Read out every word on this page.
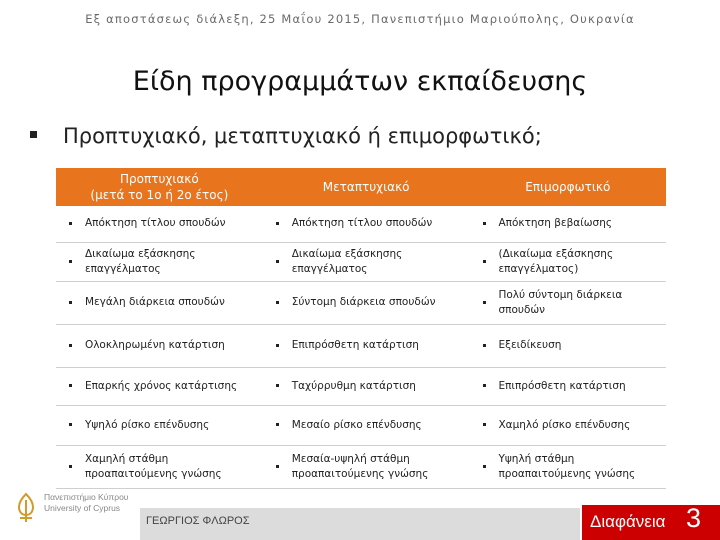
Εξ αποστάσεως διάλεξη, 25 Μαΐου 2015, Πανεπιστήμιο Μαριούπολης, Ουκρανία
Είδη προγραμμάτων εκπαίδευσης
Προπτυχιακό, μεταπτυχιακό ή επιμορφωτικό;
Προπτυχιακό
(μετά το 1ο ή 2ο έτος)		Μεταπτυχιακό		Επιμορφωτικό	
	Απόκτηση τίτλου σπουδών		Απόκτηση τίτλου σπουδών		Απόκτηση βεβαίωσης
	Δικαίωμα εξάσκησης επαγγέλματος		Δικαίωμα εξάσκησης επαγγέλματος		(Δικαίωμα εξάσκησης επαγγέλματος)
	Μεγάλη διάρκεια σπουδών		Σύντομη διάρκεια σπουδών		Πολύ σύντομη διάρκεια σπουδών
	Ολοκληρωμένη κατάρτιση		Επιπρόσθετη κατάρτιση		Εξειδίκευση
	Επαρκής χρόνος κατάρτισης		Ταχύρρυθμη κατάρτιση		Επιπρόσθετη κατάρτιση
	Υψηλό ρίσκο επένδυσης		Μεσαίο ρίσκο επένδυσης		Χαμηλό ρίσκο επένδυσης
	Χαμηλή στάθμη προαπαιτούμενης γνώσης		Μεσαία-υψηλή στάθμη προαπαιτούμενης γνώσης		Υψηλή στάθμη προαπαιτούμενης γνώσης
Πανεπιστήμιο Κύπρου
University of Cyprus
ΓΕΩΡΓΙΟΣ ΦΛΩΡΟΣ	Διαφάνεια 3
